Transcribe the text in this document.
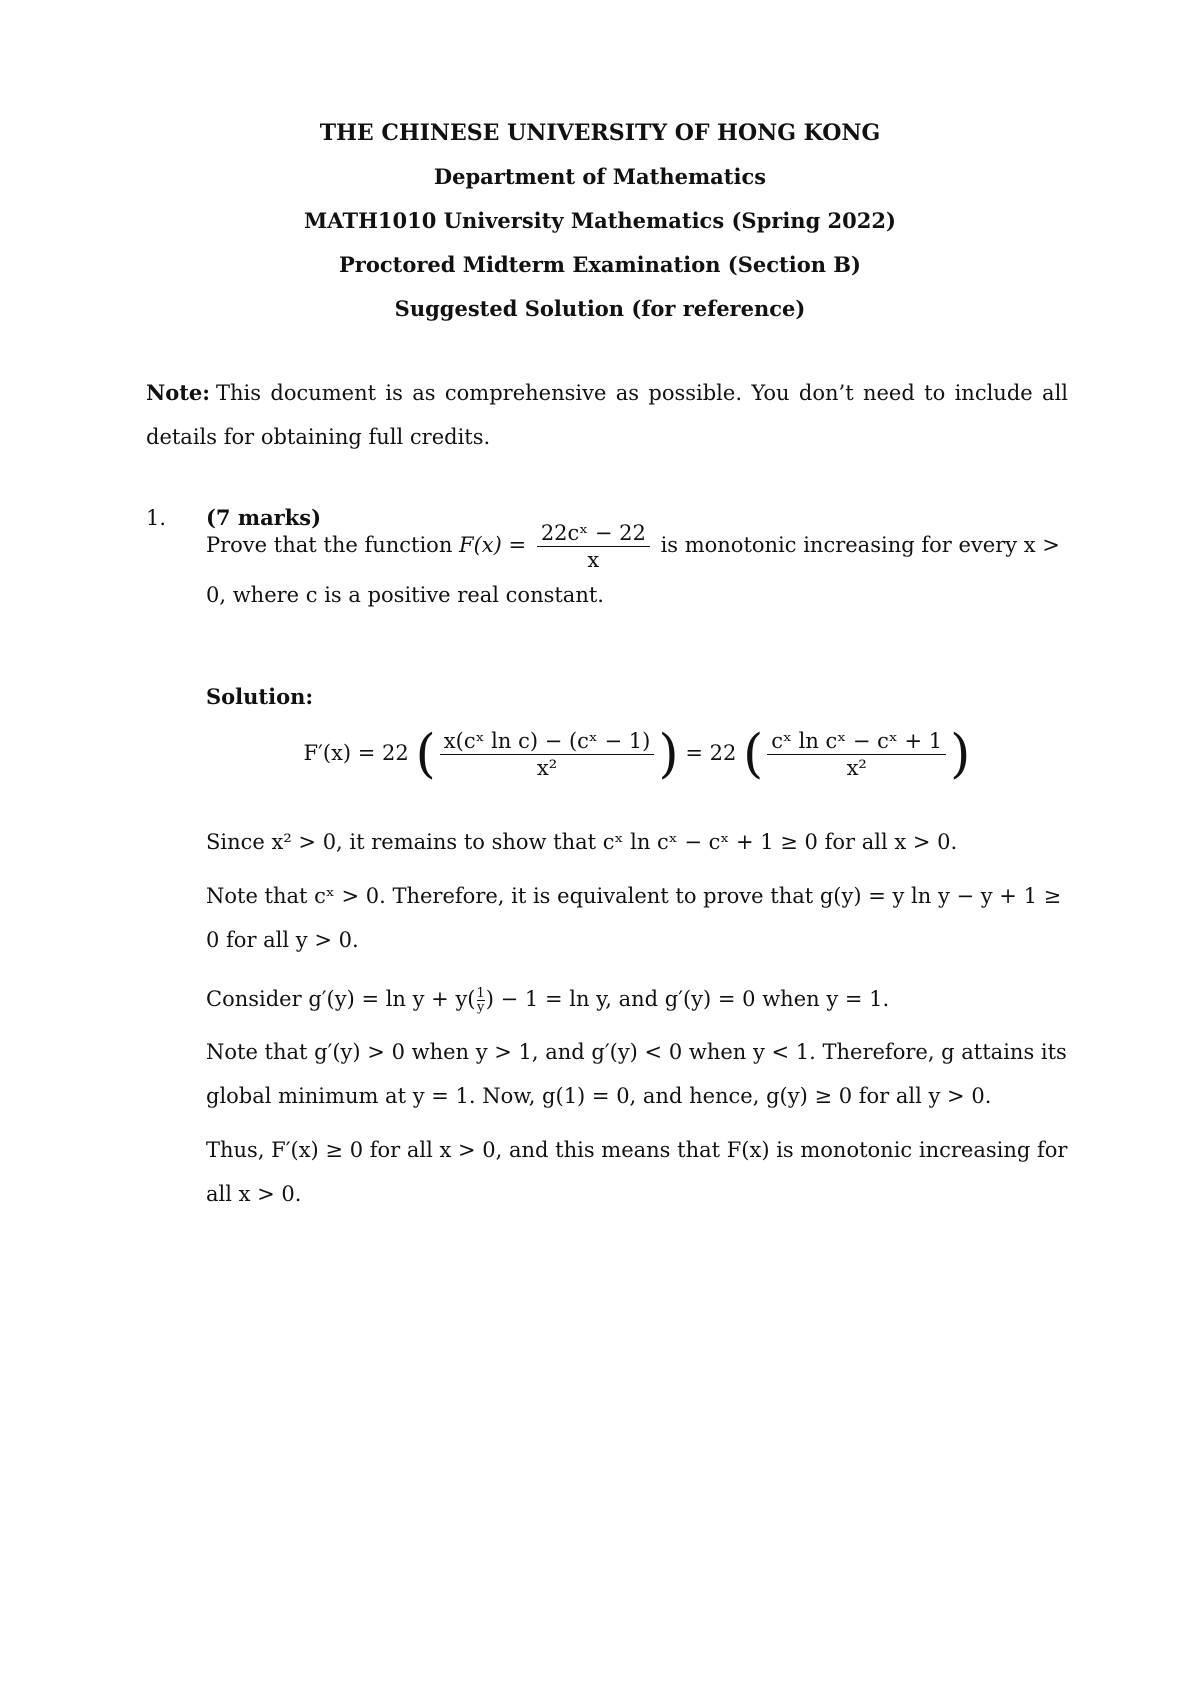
THE CHINESE UNIVERSITY OF HONG KONG
Department of Mathematics
MATH1010 University Mathematics (Spring 2022)
Proctored Midterm Examination (Section B)
Suggested Solution (for reference)
Note: This document is as comprehensive as possible. You don’t need to include all details for obtaining full credits.
1. (7 marks)
Prove that the function $F(x) = \frac{\text{22cˣ − 22}}{x}$ is monotonic increasing for every x > 0, where c is a positive real constant.
Solution:
F′(x) = 22 ( $\frac{\text{x(cˣ ln c) − (cˣ − 1)}}{\text{x²}}$ ) = 22 ( $\frac{\text{cˣ ln cˣ − cˣ + 1}}{\text{x²}}$ )
Since x² > 0, it remains to show that cˣ ln cˣ − cˣ + 1 ≥ 0 for all x > 0.
Note that cˣ > 0. Therefore, it is equivalent to prove that g(y) = y ln y − y + 1 ≥ 0 for all y > 0.
Consider $g'(y) = \ln y + y( \frac{1}{y}$ ) − 1 = ln y, and g′(y) = 0 when y = 1.
Note that g′(y) > 0 when y > 1, and g′(y) < 0 when y < 1. Therefore, g attains its global minimum at y = 1. Now, g(1) = 0, and hence, g(y) ≥ 0 for all y > 0.
Thus, F′(x) ≥ 0 for all x > 0, and this means that F(x) is monotonic increasing for all x > 0.
